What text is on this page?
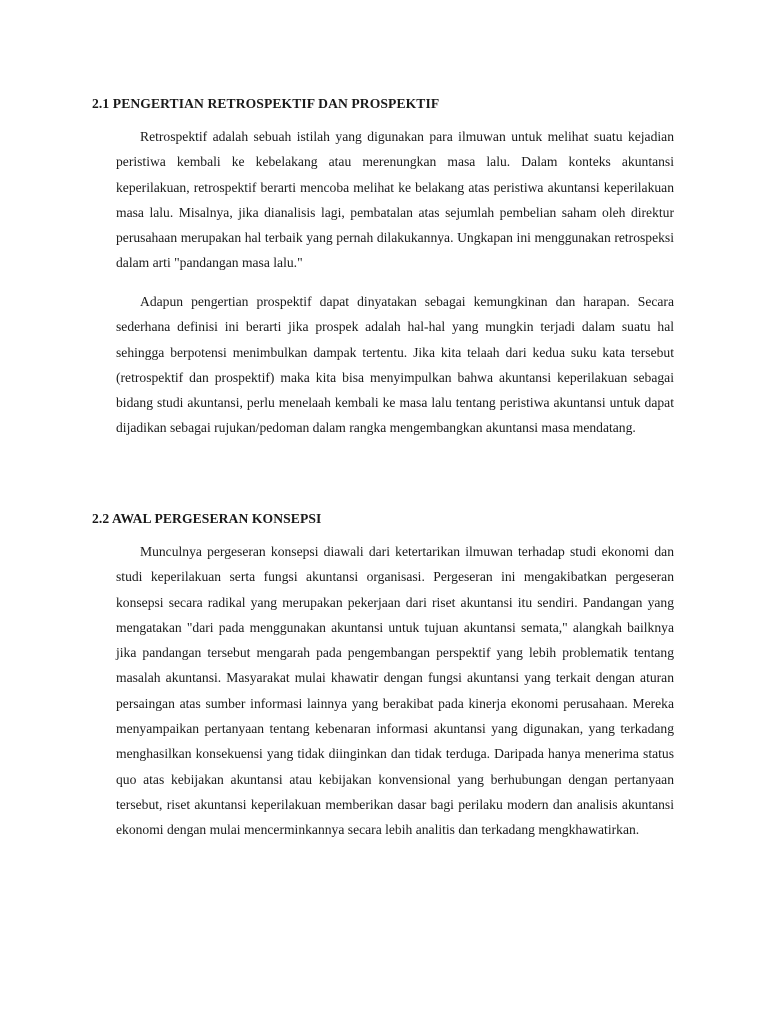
2.1 PENGERTIAN RETROSPEKTIF DAN PROSPEKTIF

Retrospektif adalah sebuah istilah yang digunakan para ilmuwan untuk melihat suatu kejadian peristiwa kembali ke kebelakang atau merenungkan masa lalu. Dalam konteks akuntansi keperilakuan, retrospektif berarti mencoba melihat ke belakang atas peristiwa akuntansi keperilakuan masa lalu. Misalnya, jika dianalisis lagi, pembatalan atas sejumlah pembelian saham oleh direktur perusahaan merupakan hal terbaik yang pernah dilakukannya. Ungkapan ini menggunakan retrospeksi dalam arti "pandangan masa lalu."

Adapun pengertian prospektif dapat dinyatakan sebagai kemungkinan dan harapan. Secara sederhana definisi ini berarti jika prospek adalah hal-hal yang mungkin terjadi dalam suatu hal sehingga berpotensi menimbulkan dampak tertentu. Jika kita telaah dari kedua suku kata tersebut (retrospektif dan prospektif) maka kita bisa menyimpulkan bahwa akuntansi keperilakuan sebagai bidang studi akuntansi, perlu menelaah kembali ke masa lalu tentang peristiwa akuntansi untuk dapat dijadikan sebagai rujukan/pedoman dalam rangka mengembangkan akuntansi masa mendatang.

2.2 AWAL PERGESERAN KONSEPSI

Munculnya pergeseran konsepsi diawali dari ketertarikan ilmuwan terhadap studi ekonomi dan studi keperilakuan serta fungsi akuntansi organisasi. Pergeseran ini mengakibatkan pergeseran konsepsi secara radikal yang merupakan pekerjaan dari riset akuntansi itu sendiri. Pandangan yang mengatakan "dari pada menggunakan akuntansi untuk tujuan akuntansi semata," alangkah bailknya jika pandangan tersebut mengarah pada pengembangan perspektif yang lebih problematik tentang masalah akuntansi. Masyarakat mulai khawatir dengan fungsi akuntansi yang terkait dengan aturan persaingan atas sumber informasi lainnya yang berakibat pada kinerja ekonomi perusahaan. Mereka menyampaikan pertanyaan tentang kebenaran informasi akuntansi yang digunakan, yang terkadang menghasilkan konsekuensi yang tidak diinginkan dan tidak terduga. Daripada hanya menerima status quo atas kebijakan akuntansi atau kebijakan konvensional yang berhubungan dengan pertanyaan tersebut, riset akuntansi keperilakuan memberikan dasar bagi perilaku modern dan analisis akuntansi ekonomi dengan mulai mencerminkannya secara lebih analitis dan terkadang mengkhawatirkan.
